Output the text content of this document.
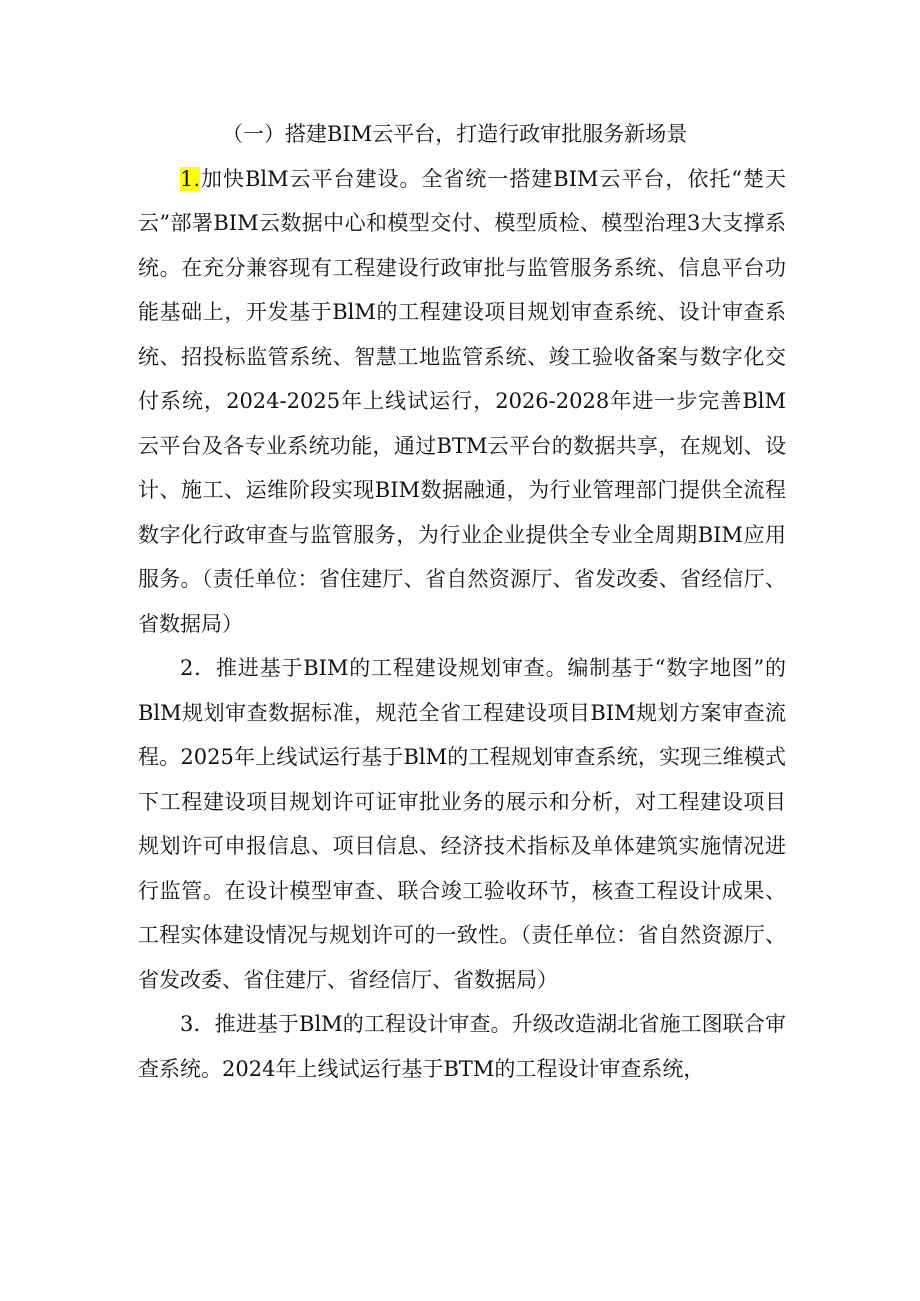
（一）搭建BIM云平台，打造行政审批服务新场景

1.加快BlM云平台建设。全省统一搭建BIM云平台，依托“楚天云”部署BIM云数据中心和模型交付、模型质检、模型治理3大支撑系统。在充分兼容现有工程建设行政审批与监管服务系统、信息平台功能基础上，开发基于BlM的工程建设项目规划审查系统、设计审查系统、招投标监管系统、智慧工地监管系统、竣工验收备案与数字化交付系统，2024-2025年上线试运行，2026-2028年进一步完善BlM云平台及各专业系统功能，通过BTM云平台的数据共享，在规划、设计、施工、运维阶段实现BIM数据融通，为行业管理部门提供全流程数字化行政审查与监管服务，为行业企业提供全专业全周期BIM应用服务。（责任单位：省住建厅、省自然资源厅、省发改委、省经信厅、省数据局）

2．推进基于BIM的工程建设规划审查。编制基于“数字地图”的BlM规划审查数据标准，规范全省工程建设项目BIM规划方案审查流程。2025年上线试运行基于BlM的工程规划审查系统，实现三维模式下工程建设项目规划许可证审批业务的展示和分析，对工程建设项目规划许可申报信息、项目信息、经济技术指标及单体建筑实施情况进行监管。在设计模型审查、联合竣工验收环节，核查工程设计成果、工程实体建设情况与规划许可的一致性。（责任单位：省自然资源厅、省发改委、省住建厅、省经信厅、省数据局）

3．推进基于BlM的工程设计审查。升级改造湖北省施工图联合审查系统。2024年上线试运行基于BTM的工程设计审查系统，
